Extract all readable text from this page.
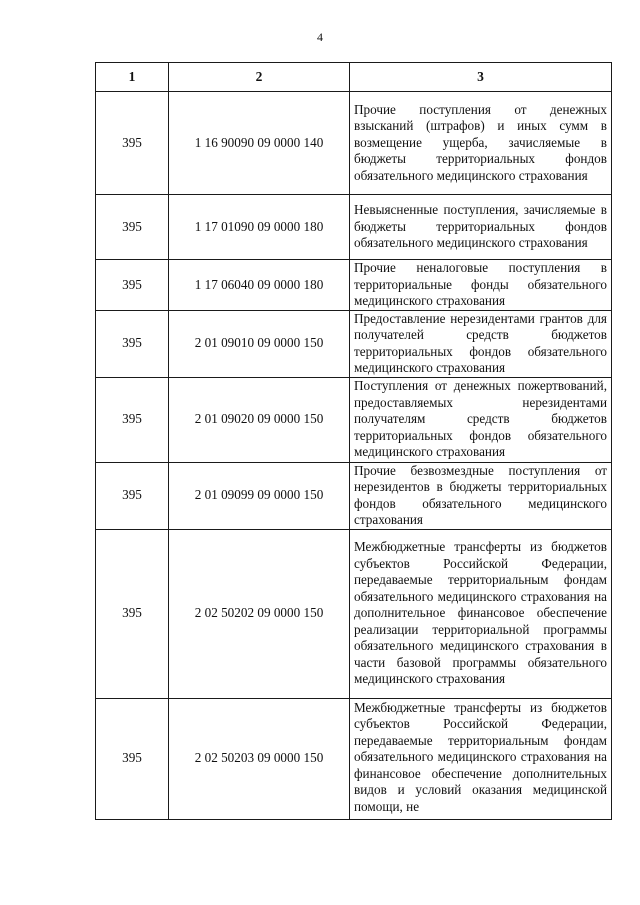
4
1	2	3
395	1 16 90090 09 0000 140	Прочие поступления от денежных взысканий (штрафов) и иных сумм в возмещение ущерба, зачисляемые в бюджеты территориальных фондов обязательного медицинского страхования
395	1 17 01090 09 0000 180	Невыясненные поступления, зачисляемые в бюджеты территориальных фондов обязательного медицинского страхования
395	1 17 06040 09 0000 180	Прочие неналоговые поступления в территориальные фонды обязательного медицинского страхования
395	2 01 09010 09 0000 150	Предоставление нерезидентами грантов для получателей средств бюджетов территориальных фондов обязательного медицинского страхования
395	2 01 09020 09 0000 150	Поступления от денежных пожертвований, предоставляемых нерезидентами получателям средств бюджетов территориальных фондов обязательного медицинского страхования
395	2 01 09099 09 0000 150	Прочие безвозмездные поступления от нерезидентов в бюджеты территориальных фондов обязательного медицинского страхования
395	2 02 50202 09 0000 150	Межбюджетные трансферты из бюджетов субъектов Российской Федерации, передаваемые территориальным фондам обязательного медицинского страхования на дополнительное финансовое обеспечение реализации территориальной программы обязательного медицинского страхования в части базовой программы обязательного медицинского страхования
395	2 02 50203 09 0000 150	Межбюджетные трансферты из бюджетов субъектов Российской Федерации, передаваемые территориальным фондам обязательного медицинского страхования на финансовое обеспечение дополнительных видов и условий оказания медицинской помощи, не
